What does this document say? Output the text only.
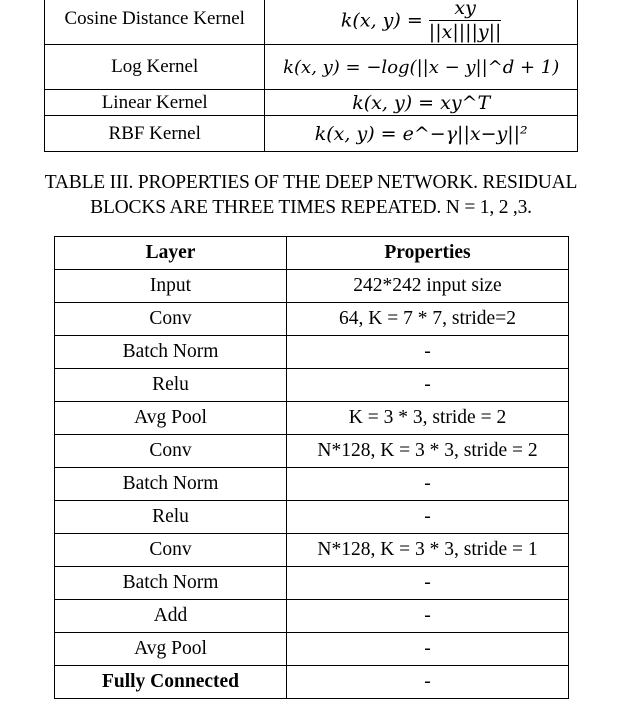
Cosine Distance Kernel	k(x, $y) = \frac{xy}{||x||||y||}$

Log Kernel	k(x, y) = −log(||x − y||^d + 1)
Linear Kernel	k(x, y) = xy^T
RBF Kernel	k(x, y) = e^−γ||x−y||²
TABLE III. PROPERTIES OF THE DEEP NETWORK. RESIDUAL
BLOCKS ARE THREE TIMES REPEATED. N = 1, 2 ,3.
Layer	Properties
Input	242*242 input size
Conv	64, K = 7 * 7, stride=2
Batch Norm	-
Relu	-
Avg Pool	K = 3 * 3, stride = 2
Conv	N*128, K = 3 * 3, stride = 2
Batch Norm	-
Relu	-
Conv	N*128, K = 3 * 3, stride = 1
Batch Norm	-
Add	-
Avg Pool	-
Fully Connected	-
